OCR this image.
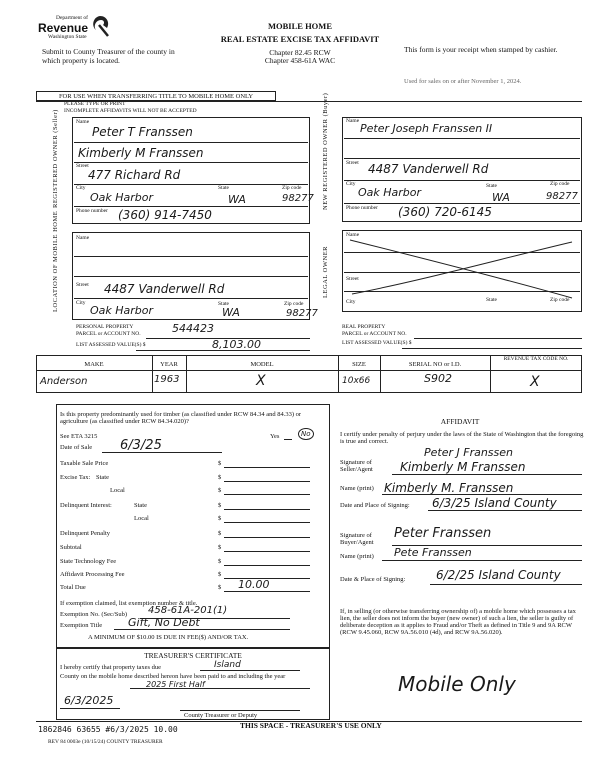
Department of
Revenue
Washington State
Submit to County Treasurer of the county in which property is located.
MOBILE HOME
REAL ESTATE EXCISE TAX AFFIDAVIT
Chapter 82.45 RCW
Chapter 458-61A WAC
This form is your receipt when stamped by cashier.
Used for sales on or after November 1, 2024.
FOR USE WHEN TRANSFERRING TITLE TO MOBILE HOME ONLY
PLEASE TYPE OR PRINT
INCOMPLETE AFFIDAVITS WILL NOT BE ACCEPTED
REGISTERED OWNER (Seller)	Name
Peter T Franssen
Kimberly M Franssen
Street
477 Richard Rd
City	State	Zip code
Oak Harbor	WA	98277
Phone number (360) 914-7450
NEW REGISTERED OWNER (Buyer)	Name
Peter Joseph Franssen II
Street 4487 Vanderwell Rd
City	State	Zip code
Oak Harbor	WA	98277
Phone number (360) 720-6145
LOCATION OF MOBILE HOME	Name
Street 4487 Vanderwell Rd
City	State	Zip code
Oak Harbor	WA	98277
PERSONAL PROPERTY
PARCEL or ACCOUNT NO.	544423
LIST ASSESSED VALUE(S) $	8,103.00
LEGAL OWNER
Name
Street
City	State	Zip code
REAL PROPERTY
PARCEL or ACCOUNT NO.
LIST ASSESSED VALUE(S) $
MAKE	YEAR	MODEL	SIZE	SERIAL NO or I.D.
REVENUE TAX CODE NO.
Anderson	1963	X	10x66	S902	X
Is this property predominantly used for timber (as classified under RCW 84.34 and 84.33) or agriculture (as classified under RCW 84.34.020)?
See ETA 3215	Yes	No
Date of Sale 6/3/25
Taxable Sale Price	$
Excise Tax: State	$
Local	$
Delinquent Interest:	State	$
Local	$
Delinquent Penalty	$
Subtotal	$
State Technology Fee	$
Affidavit Processing Fee	$
Total Due	$ 10.00
If exemption claimed, list exemption number & title.
Exemption No. (Sec/Sub) 458-61A-201(1)
Exemption Title Gift, No Debt
A MINIMUM OF $10.00 IS DUE IN FEE($) AND/OR TAX.
TREASURER'S CERTIFICATE
I hereby certify that property taxes due	Island
County on the mobile home described hereon have been paid to and including the year
2025 First Half
6/3/2025
County Treasurer or Deputy
AFFIDAVIT
I certify under penalty of perjury under the laws of the State of Washington that the foregoing is true and correct.
Peter J Franssen
Signature of Seller/Agent	Kimberly M Franssen
Name (print) Kimberly M. Franssen
Date and Place of Signing: 6/3/25 Island County
Signature of Buyer/Agent
Peter Franssen
Name (print) Pete Franssen
Date & Place of Signing:	6/2/25 Island County
If, in selling (or otherwise transferring ownership of) a mobile home which possesses a tax lien, the seller does not inform the buyer (new owner) of such a lien, the seller is guilty of deliberate deception as it applies to Fraud and/or Theft as defined in Title 9 and 9A RCW (RCW 9.45.060, RCW 9A.56.010 (4d), and RCW 9A.56.020).
Mobile Only
1862846 63655 #6/3/2025 10.00	THIS SPACE - TREASURER'S USE ONLY
REV 84 0003e (10/15/24) COUNTY TREASURER
